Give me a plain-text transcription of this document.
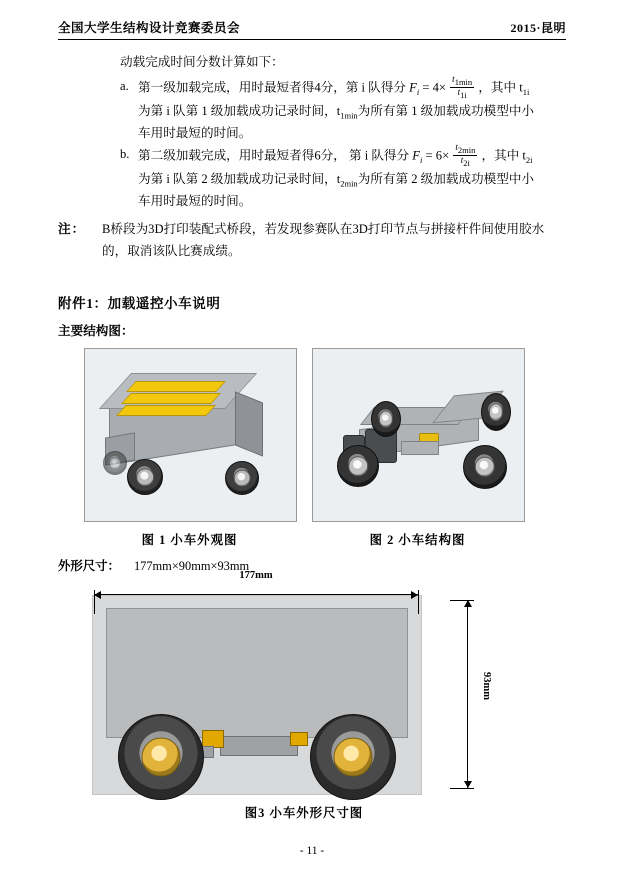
全国大学生结构设计竞赛委员会	2015·昆明

动载完成时间分数计算如下：

a. 第一级加载完成，用时最短者得4分，第 i 队得分 $F_i = 4\times \frac{t1\min}{t1i}$ ，其中 $t_{1i}$
为第 i 队第 1 级加载成功记录时间，$t_{1min}$为所有第 1 级加载成功模型中小
车用时最短的时间。
b. 第二级加载完成，用时最短者得6分， 第 i 队得分 $F_i = 6\times \frac{t2\min}{t2i}$ ，其中 $t_{2i}$
为第 i 队第 2 级加载成功记录时间，$t_{2min}$为所有第 2 级加载成功模型中小
车用时最短的时间。
注：	B桥段为3D打印装配式桥段，若发现参赛队在3D打印节点与拼接杆件间使用胶水
的，取消该队比赛成绩。
附件1：加载遥控小车说明
主要结构图：
图 1 小车外观图	图 2 小车结构图
外形尺寸： 177mm×90mm×93mm
177mm
93mm
图3 小车外形尺寸图
- 11 -
